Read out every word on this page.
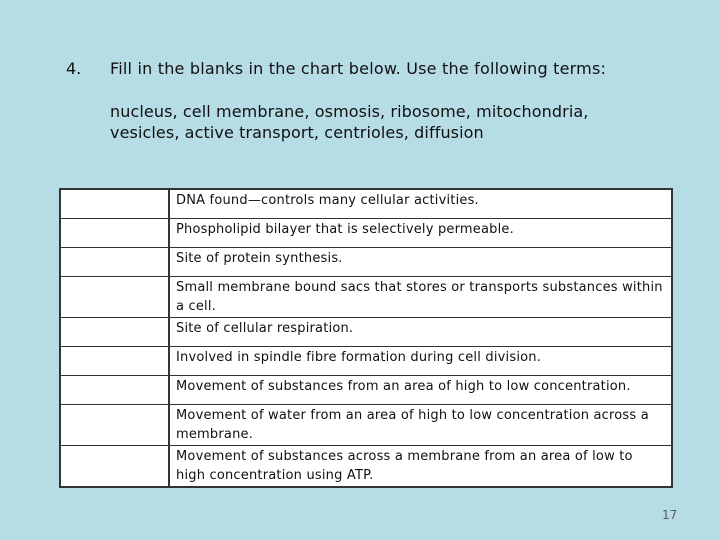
4. Fill in the blanks in the chart below. Use the following terms:
nucleus, cell membrane, osmosis, ribosome, mitochondria,
vesicles, active transport, centrioles, diffusion
	DNA found—controls many cellular activities.
	Phospholipid bilayer that is selectively permeable.
	Site of protein synthesis.
	Small membrane bound sacs that stores or transports substances within a cell.
	Site of cellular respiration.
	Involved in spindle fibre formation during cell division.
	Movement of substances from an area of high to low concentration.
	Movement of water from an area of high to low concentration across a membrane.
	Movement of substances across a membrane from an area of low to high concentration using ATP.
17
